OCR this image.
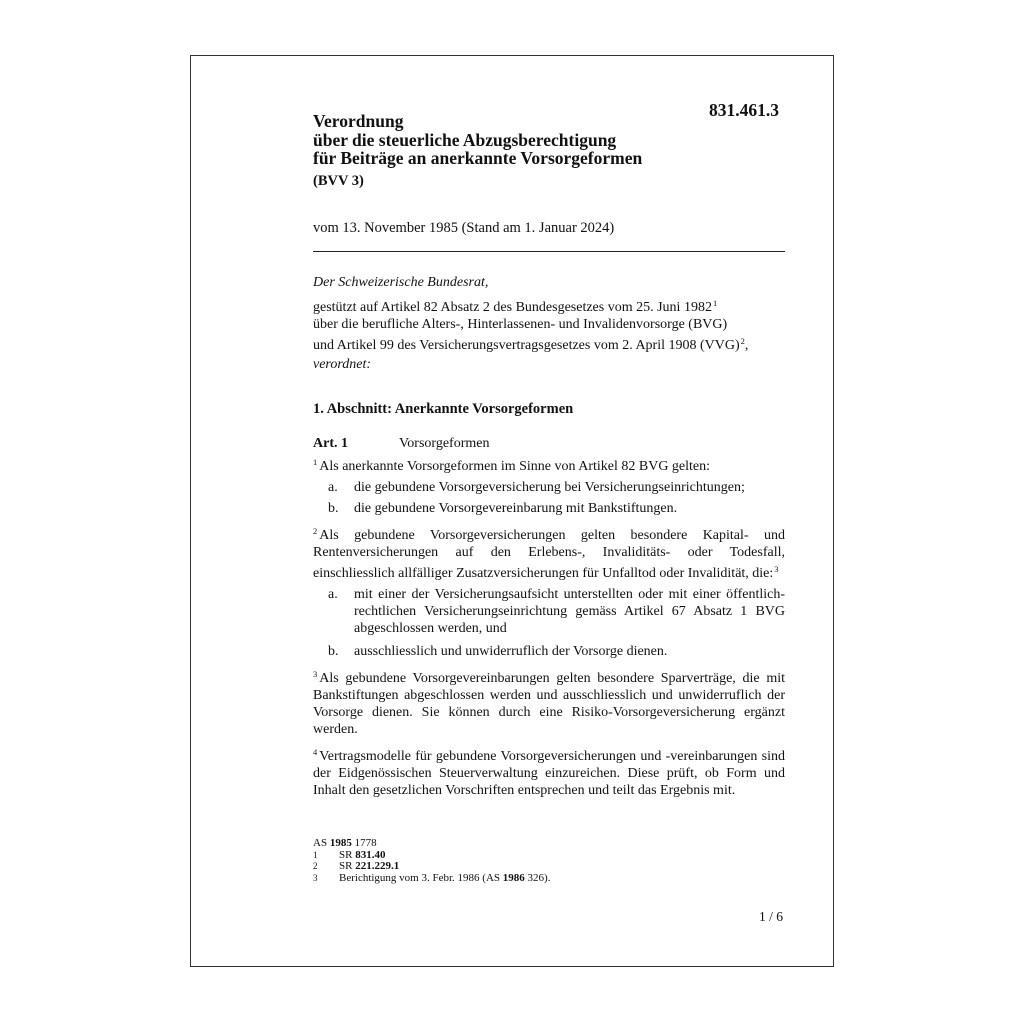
831.461.3
Verordnung
über die steuerliche Abzugsberechtigung
für Beiträge an anerkannte Vorsorgeformen
(BVV 3)
vom 13. November 1985 (Stand am 1. Januar 2024)

Der Schweizerische Bundesrat,

gestützt auf Artikel 82 Absatz 2 des Bundesgesetzes vom 25. Juni 1982$^1$

über die berufliche Alters-, Hinterlassenen- und Invalidenvorsorge (BVG)

und Artikel 99 des Versicherungsvertragsgesetzes vom 2. April 1908 (VVG)$^2$,

verordnet:

1. Abschnitt: Anerkannte Vorsorgeformen
Art. 1	Vorsorgeformen

$^1$ Als anerkannte Vorsorgeformen im Sinne von Artikel 82 BVG gelten:

a.	die gebundene Vorsorgeversicherung bei Versicherungseinrichtungen;
b.	die gebundene Vorsorgevereinbarung mit Bankstiftungen.

$^2$ Als gebundene Vorsorgeversicherungen gelten besondere Kapital- und Rentenversicherungen auf den Erlebens-, Invaliditäts- oder Todesfall, einschliesslich allfälliger Zusatzversicherungen für Unfalltod oder Invalidität, die:$^3$

a.	mit einer der Versicherungsaufsicht unterstellten oder mit einer öffentlich-rechtlichen Versicherungseinrichtung gemäss Artikel 67 Absatz 1 BVG abgeschlossen werden, und
b.	ausschliesslich und unwiderruflich der Vorsorge dienen.

$^3$ Als gebundene Vorsorgevereinbarungen gelten besondere Sparverträge, die mit Bankstiftungen abgeschlossen werden und ausschliesslich und unwiderruflich der Vorsorge dienen. Sie können durch eine Risiko-Vorsorgeversicherung ergänzt werden.

$^4$ Vertragsmodelle für gebundene Vorsorgeversicherungen und -vereinbarungen sind der Eidgenössischen Steuerverwaltung einzureichen. Diese prüft, ob Form und Inhalt den gesetzlichen Vorschriften entsprechen und teilt das Ergebnis mit.

AS 1985 1778
1	SR 831.40
2	SR 221.229.1
3	Berichtigung vom 3. Febr. 1986 (AS 1986 326).
1 / 6
